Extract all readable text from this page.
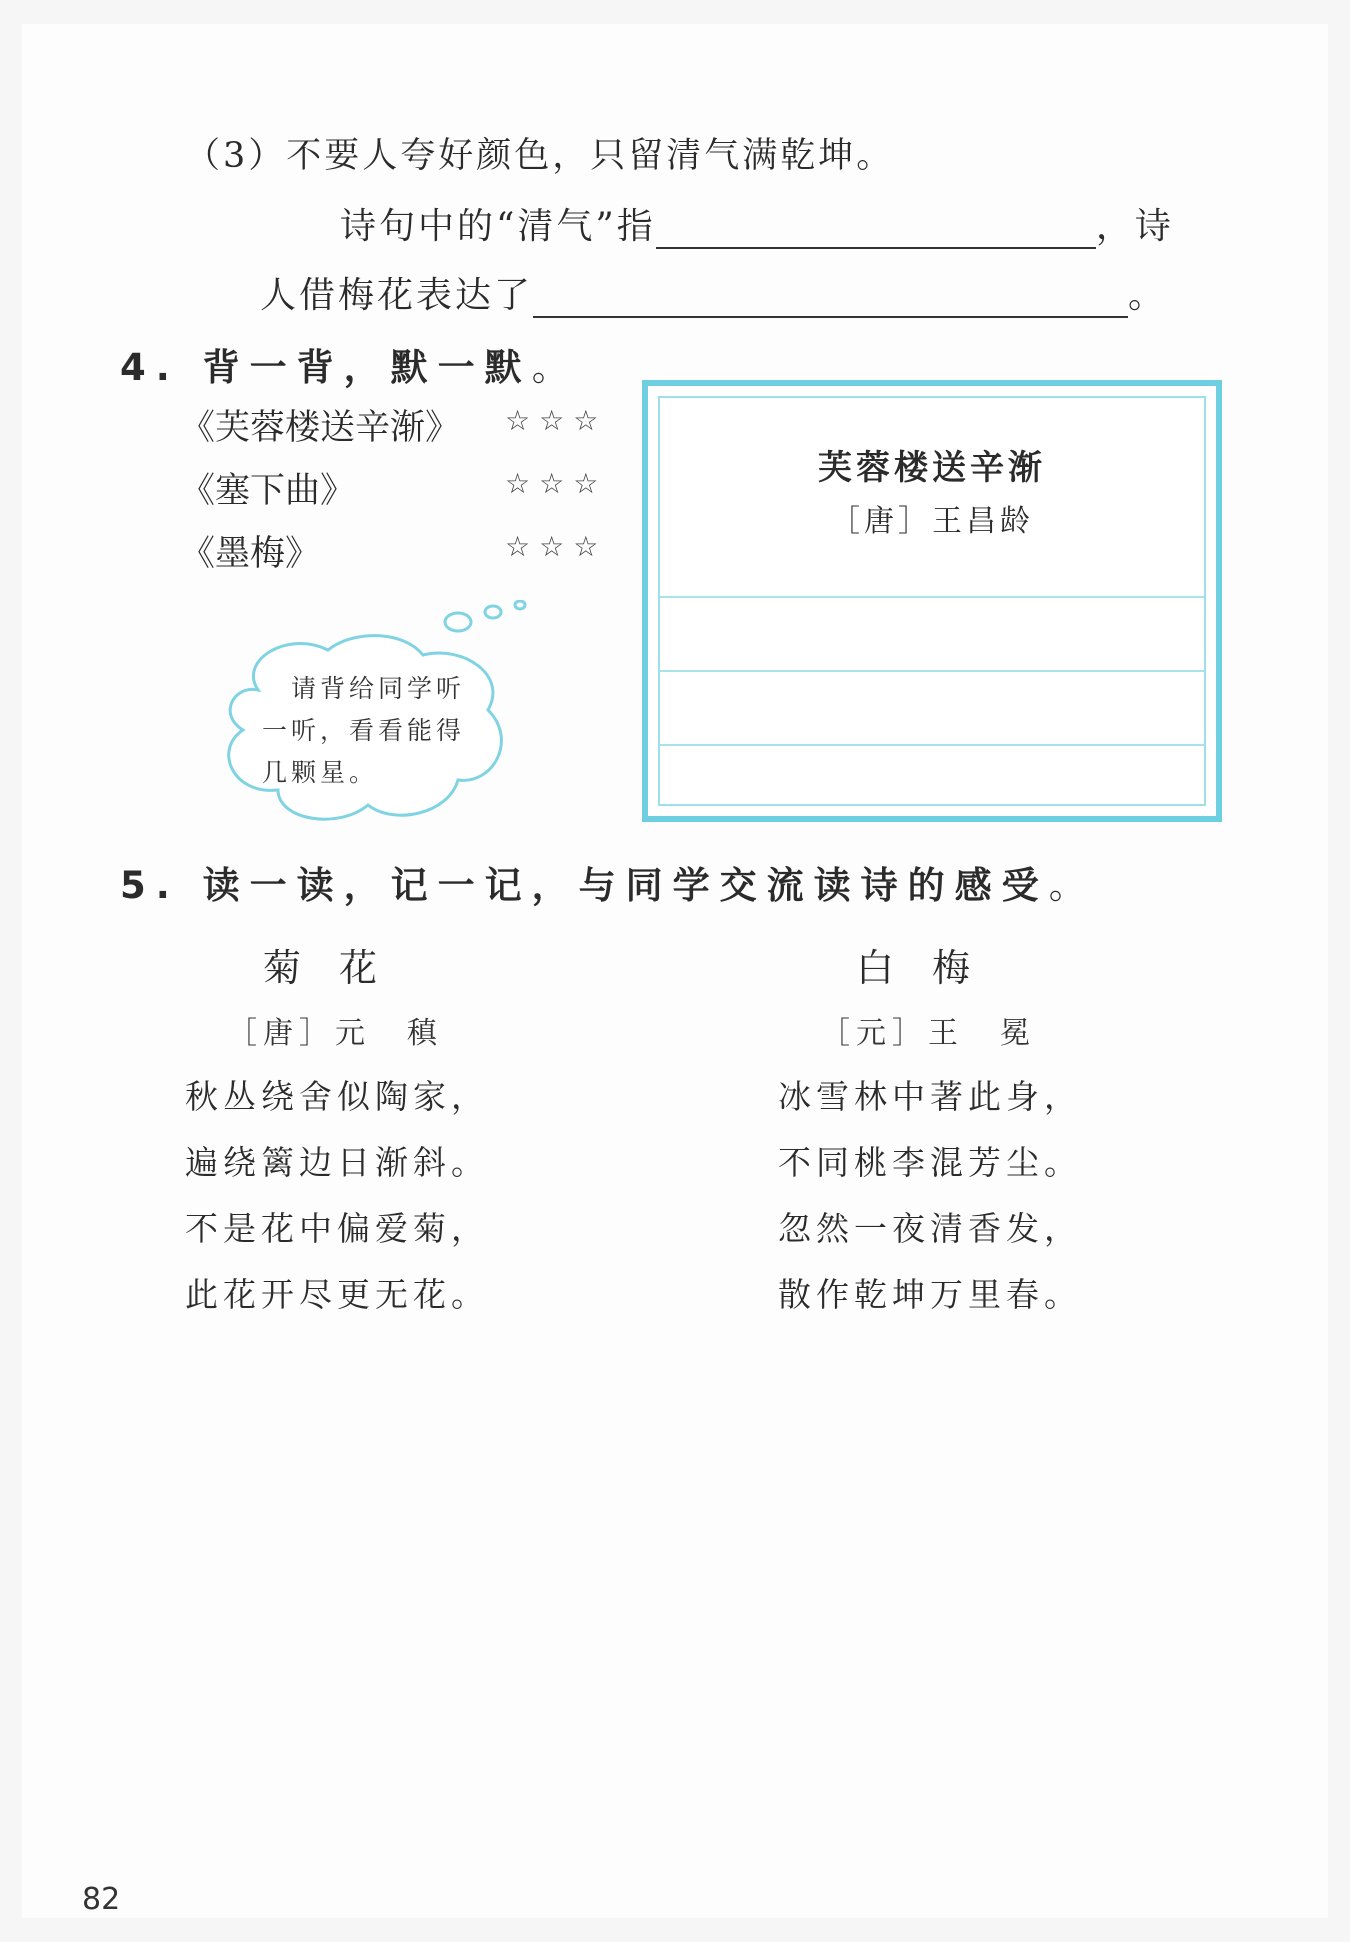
（3）不要人夸好颜色，只留清气满乾坤。
诗句中的“清气”指	，诗
人借梅花表达了	。
4. 背一背，默一默。
《芙蓉楼送辛渐》 ☆☆☆
《塞下曲》	☆☆☆
《墨梅》	☆☆☆
　请背给同学听一听，看看能得几颗星。
芙蓉楼送辛渐
［唐］王昌龄
5. 读一读，记一记，与同学交流读诗的感受。
菊花
［唐］元　稹
秋丛绕舍似陶家，
遍绕篱边日渐斜。
不是花中偏爱菊，
此花开尽更无花。
白梅
［元］王　冕
冰雪林中著此身，
不同桃李混芳尘。
忽然一夜清香发，
散作乾坤万里春。
82
